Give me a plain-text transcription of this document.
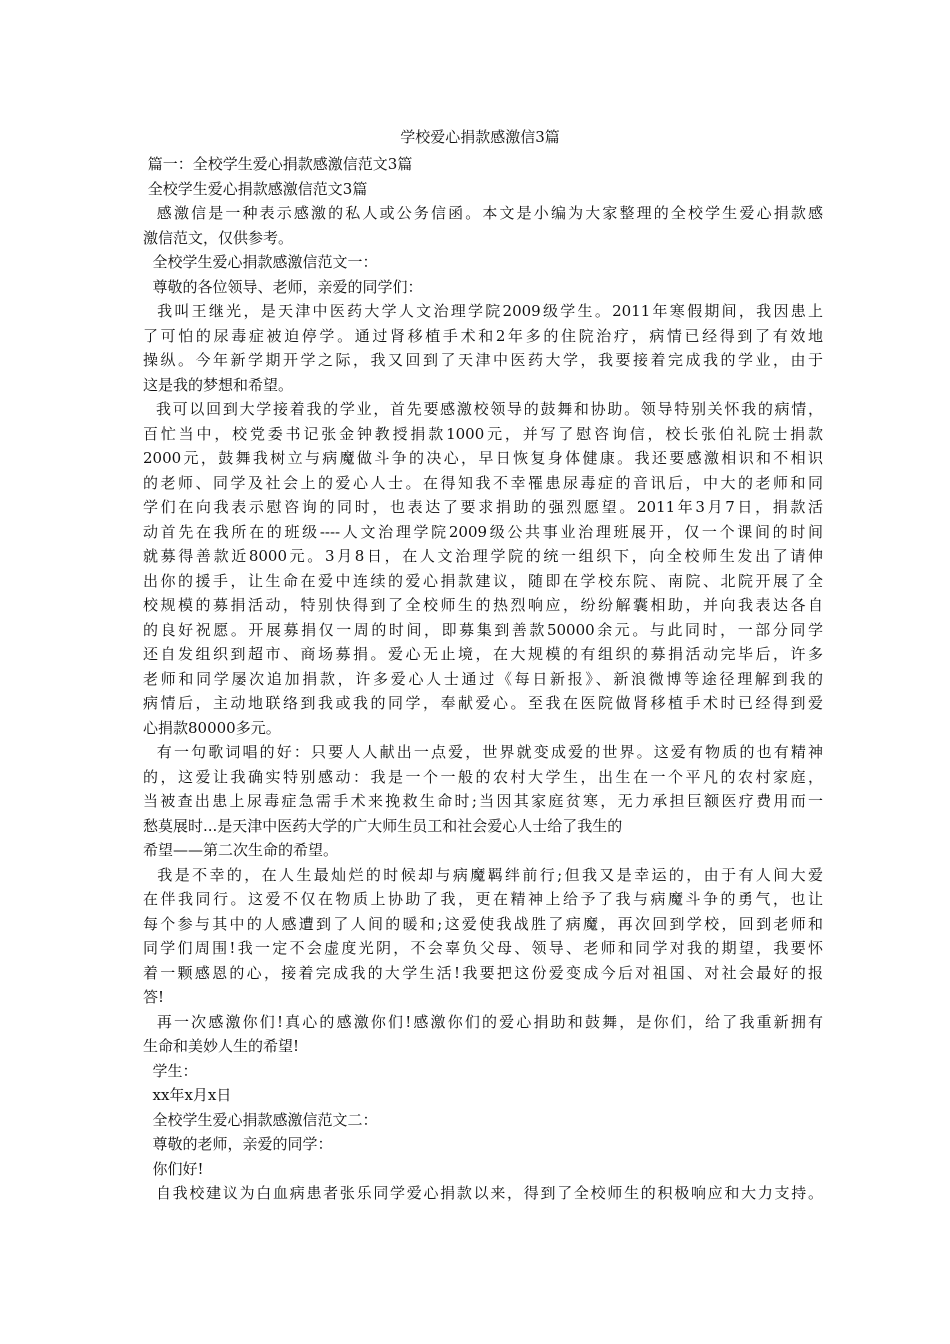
学校爱心捐款感激信3篇
篇一：全校学生爱心捐款感激信范文3篇
全校学生爱心捐款感激信范文3篇
感激信是一种表示感激的私人或公务信函。本文是小编为大家整理的全校学生爱心捐款感
激信范文，仅供参考。
全校学生爱心捐款感激信范文一：
尊敬的各位领导、老师，亲爱的同学们：
我叫王继光，是天津中医药大学人文治理学院2009级学生。2011年寒假期间，我因患上
了可怕的尿毒症被迫停学。通过肾移植手术和2年多的住院治疗，病情已经得到了有效地
操纵。今年新学期开学之际，我又回到了天津中医药大学，我要接着完成我的学业，由于
这是我的梦想和希望。
我可以回到大学接着我的学业，首先要感激校领导的鼓舞和协助。领导特别关怀我的病情，
百忙当中，校党委书记张金钟教授捐款1000元，并写了慰咨询信，校长张伯礼院士捐款
2000元，鼓舞我树立与病魔做斗争的决心，早日恢复身体健康。我还要感激相识和不相识
的老师、同学及社会上的爱心人士。在得知我不幸罹患尿毒症的音讯后，中大的老师和同
学们在向我表示慰咨询的同时，也表达了要求捐助的强烈愿望。2011年3月7日，捐款活
动首先在我所在的班级----人文治理学院2009级公共事业治理班展开，仅一个课间的时间
就募得善款近8000元。3月8日，在人文治理学院的统一组织下，向全校师生发出了请伸
出你的援手，让生命在爱中连续的爱心捐款建议，随即在学校东院、南院、北院开展了全
校规模的募捐活动，特别快得到了全校师生的热烈响应，纷纷解囊相助，并向我表达各自
的良好祝愿。开展募捐仅一周的时间，即募集到善款50000余元。与此同时，一部分同学
还自发组织到超市、商场募捐。爱心无止境，在大规模的有组织的募捐活动完毕后，许多
老师和同学屡次追加捐款，许多爱心人士通过《每日新报》、新浪微博等途径理解到我的
病情后，主动地联络到我或我的同学，奉献爱心。至我在医院做肾移植手术时已经得到爱
心捐款80000多元。
有一句歌词唱的好：只要人人献出一点爱，世界就变成爱的世界。这爱有物质的也有精神
的，这爱让我确实特别感动：我是一个一般的农村大学生，出生在一个平凡的农村家庭，
当被查出患上尿毒症急需手术来挽救生命时;当因其家庭贫寒，无力承担巨额医疗费用而一
愁莫展时...是天津中医药大学的广大师生员工和社会爱心人士给了我生的
希望——第二次生命的希望。
我是不幸的，在人生最灿烂的时候却与病魔羁绊前行;但我又是幸运的，由于有人间大爱
在伴我同行。这爱不仅在物质上协助了我，更在精神上给予了我与病魔斗争的勇气，也让
每个参与其中的人感遭到了人间的暖和;这爱使我战胜了病魔，再次回到学校，回到老师和
同学们周围!我一定不会虚度光阴，不会辜负父母、领导、老师和同学对我的期望，我要怀
着一颗感恩的心，接着完成我的大学生活!我要把这份爱变成今后对祖国、对社会最好的报
答!
再一次感激你们!真心的感激你们!感激你们的爱心捐助和鼓舞，是你们，给了我重新拥有
生命和美妙人生的希望!
学生：
xx年x月x日
全校学生爱心捐款感激信范文二：
尊敬的老师，亲爱的同学：
你们好!
自我校建议为白血病患者张乐同学爱心捐款以来，得到了全校师生的积极响应和大力支持。
